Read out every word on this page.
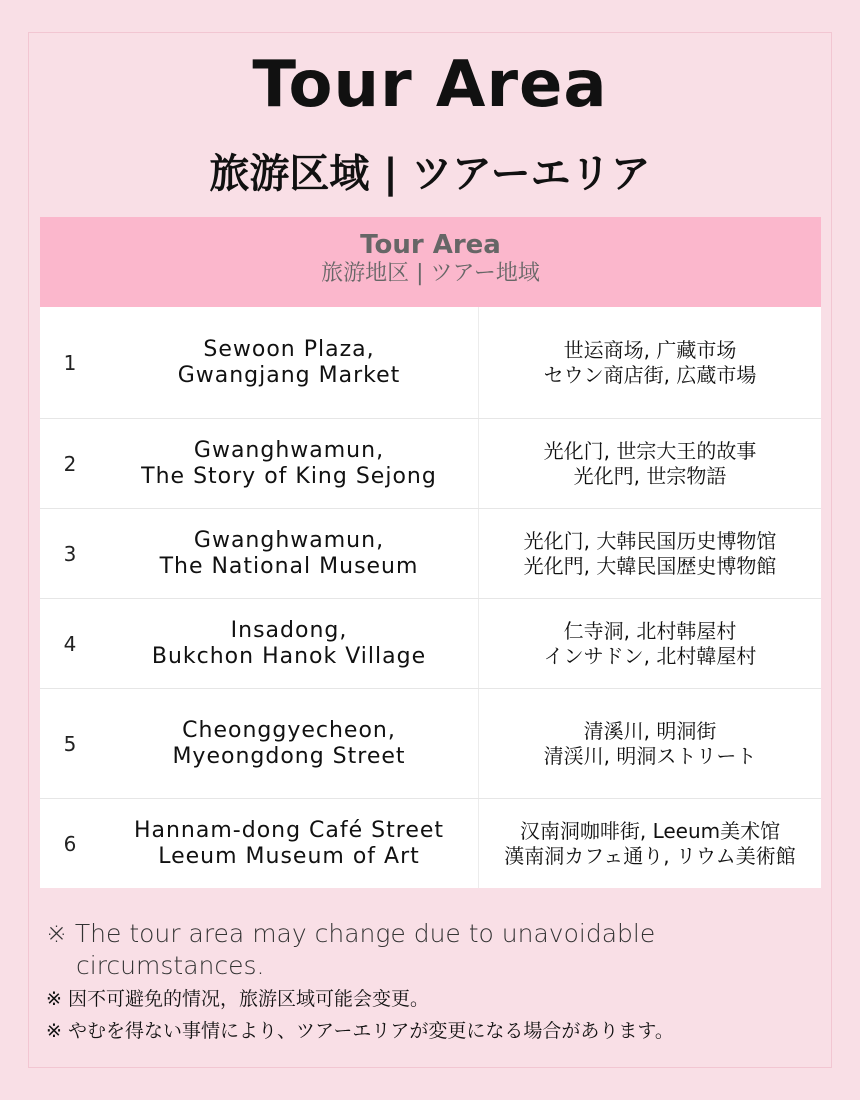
Tour Area
旅游区域 | ツアーエリア
Tour Area
旅游地区 | ツアー地域
1
Sewoon Plaza,
Gwangjang Market
世运商场, 广藏市场
セウン商店街, 広蔵市場
2
Gwanghwamun,
The Story of King Sejong
光化门, 世宗大王的故事
光化門, 世宗物語
3
Gwanghwamun,
The National Museum
光化门, 大韩民国历史博物馆
光化門, 大韓民国歴史博物館
4
Insadong,
Bukchon Hanok Village
仁寺洞, 北村韩屋村
インサドン, 北村韓屋村
5
Cheonggyecheon,
Myeongdong Street
清溪川, 明洞街
清渓川, 明洞ストリート
6
Hannam-dong Café Street
Leeum Museum of Art
汉南洞咖啡街, Leeum美术馆
漢南洞カフェ通り, リウム美術館
※ The tour area may change due to unavoidable
circumstances.
※ 因不可避免的情况，旅游区域可能会变更。
※ やむを得ない事情により、ツアーエリアが変更になる場合があります。
